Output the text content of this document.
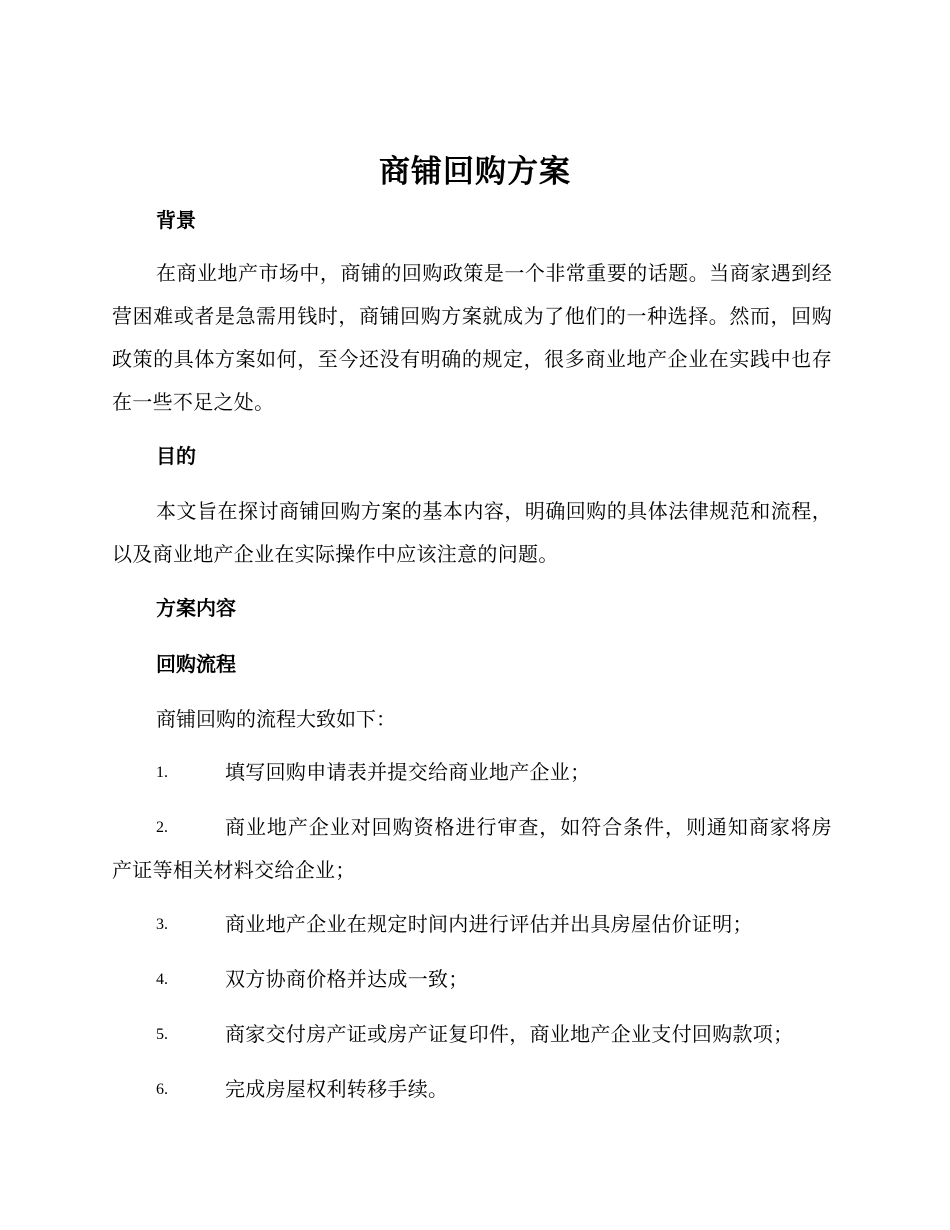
商铺回购方案
背景
在商业地产市场中，商铺的回购政策是一个非常重要的话题。当商家遇到经营困难或者是急需用钱时，商铺回购方案就成为了他们的一种选择。然而，回购政策的具体方案如何，至今还没有明确的规定，很多商业地产企业在实践中也存在一些不足之处。
目的
本文旨在探讨商铺回购方案的基本内容，明确回购的具体法律规范和流程，以及商业地产企业在实际操作中应该注意的问题。
方案内容
回购流程
商铺回购的流程大致如下：
1.	填写回购申请表并提交给商业地产企业；
2.	商业地产企业对回购资格进行审查，如符合条件，则通知商家将房产证等相关材料交给企业；
3.	商业地产企业在规定时间内进行评估并出具房屋估价证明；
4.	双方协商价格并达成一致；
5.	商家交付房产证或房产证复印件，商业地产企业支付回购款项；
6.	完成房屋权利转移手续。
